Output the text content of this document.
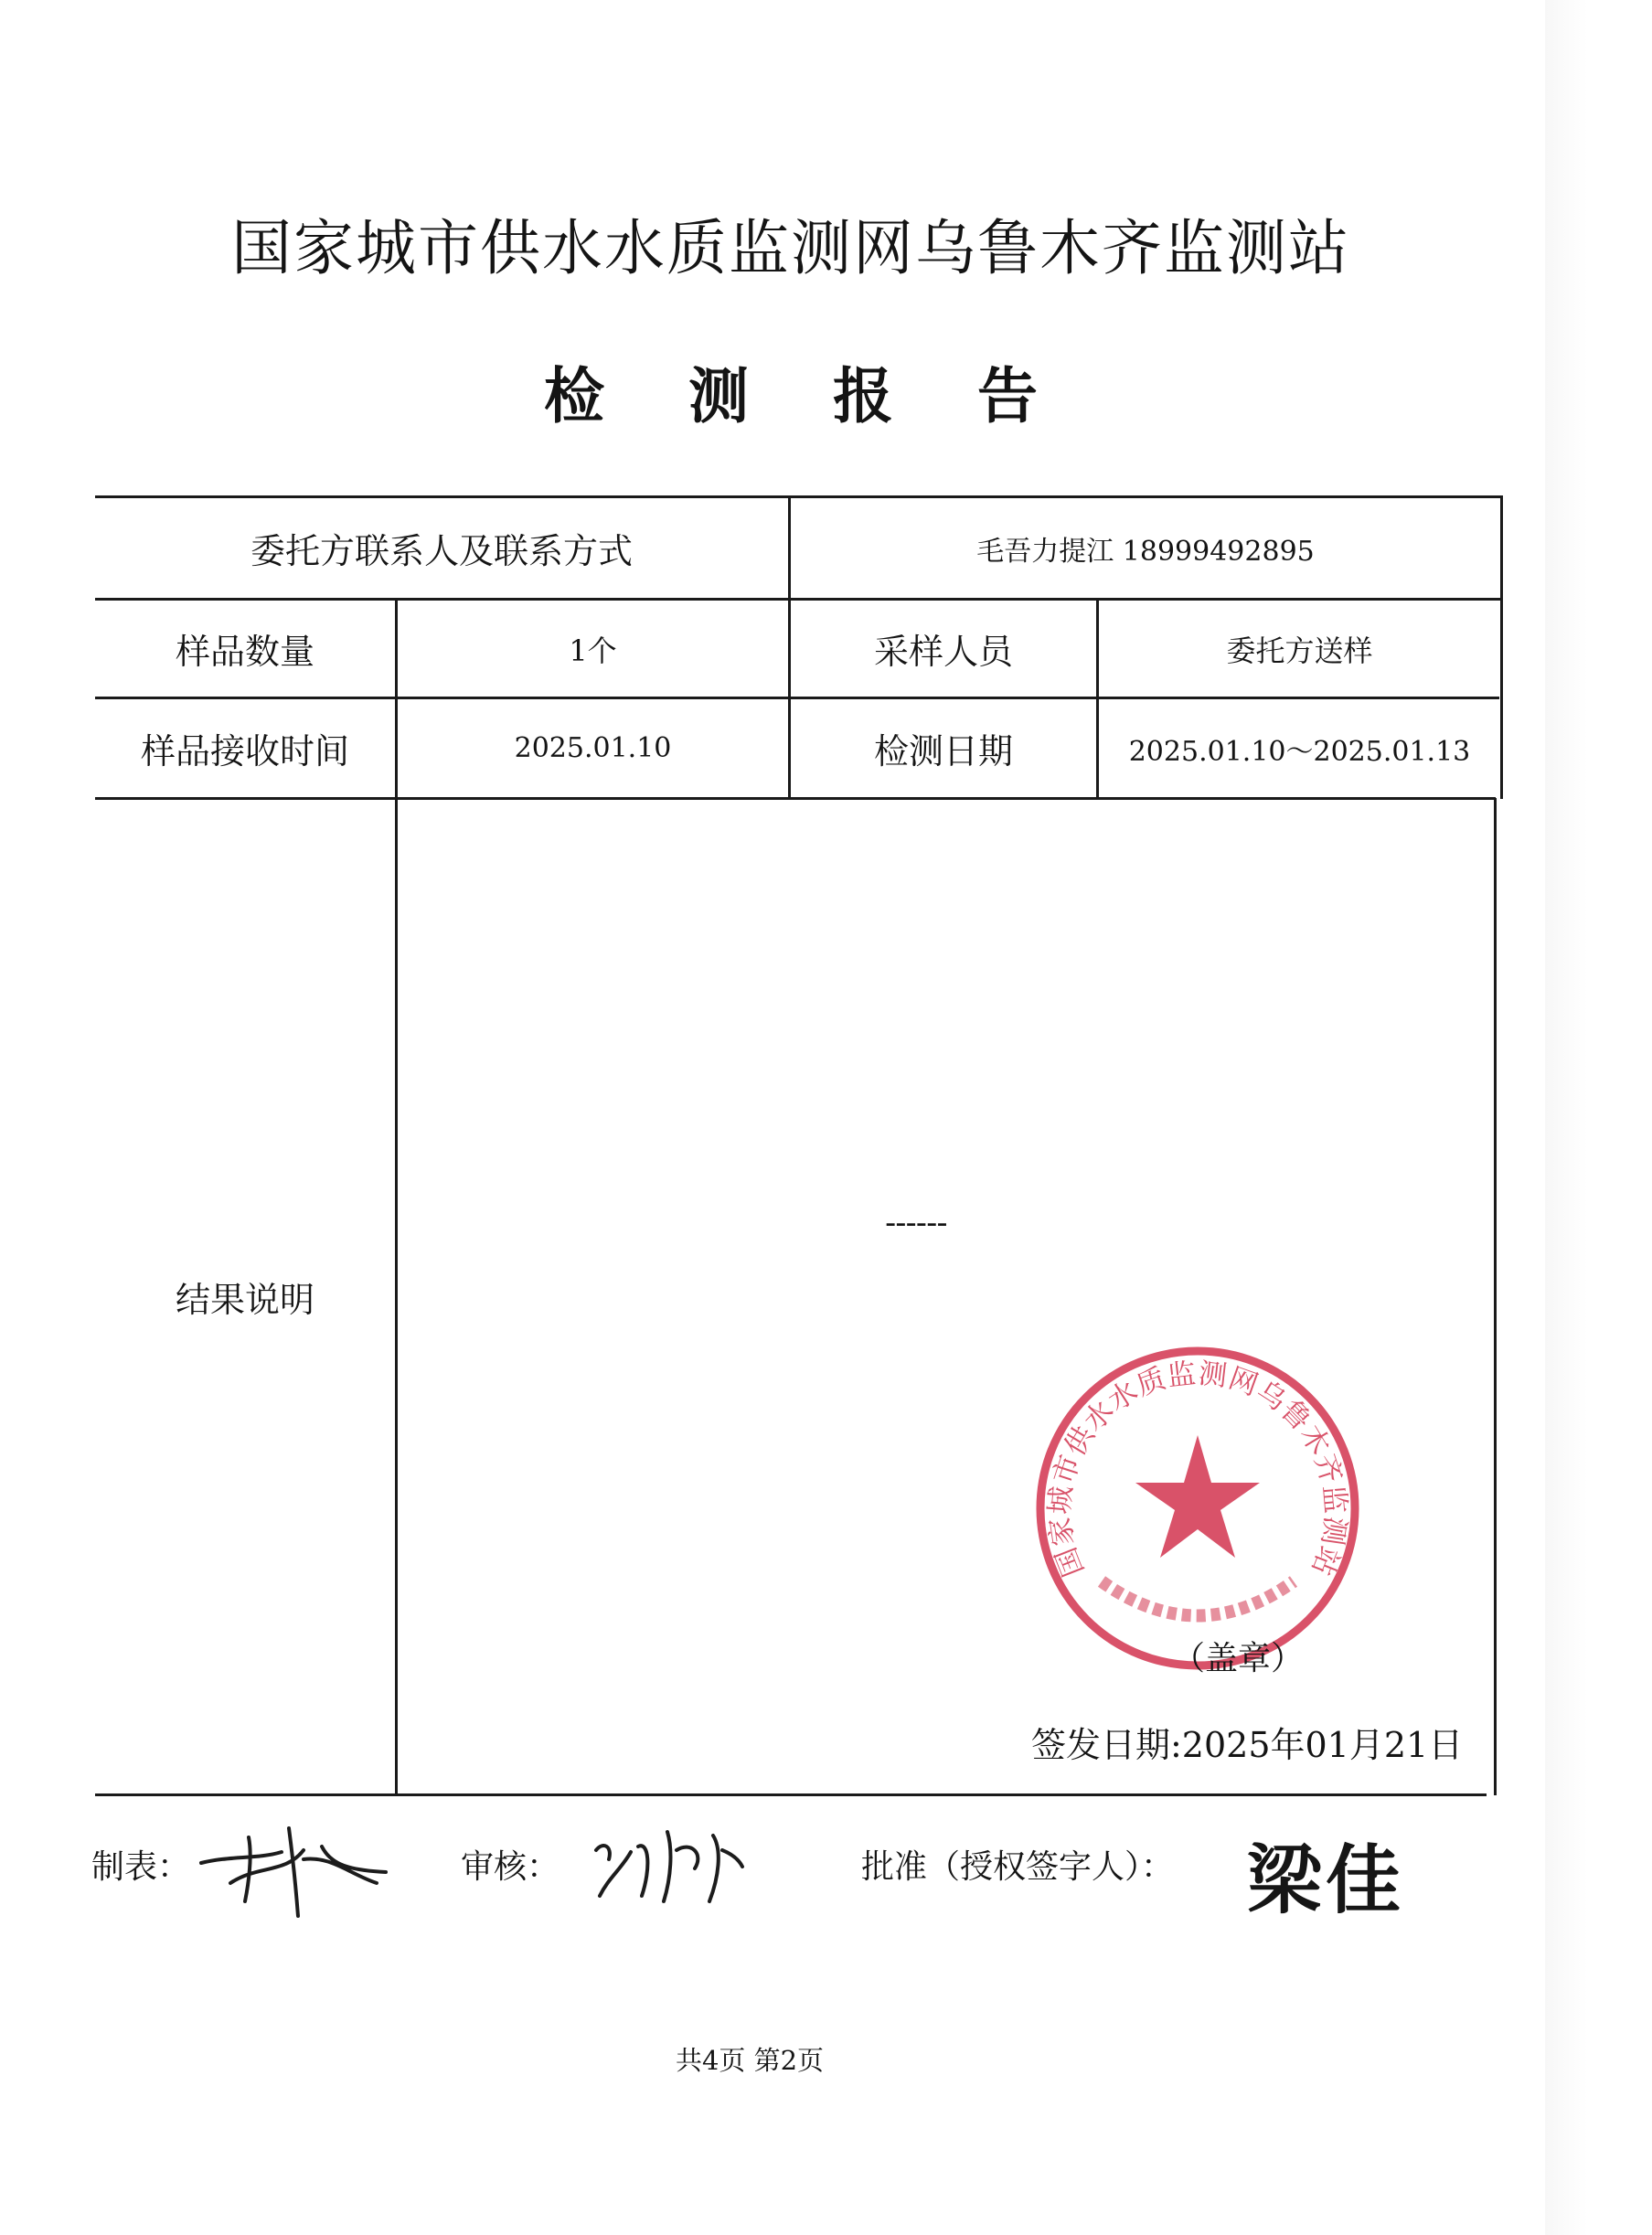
国家城市供水水质监测网乌鲁木齐监测站
检测报告
委托方联系人及联系方式	毛吾力提江 18999492895
样品数量	1个	采样人员	委托方送样
样品接收时间	2025.01.10	检测日期	2025.01.10～2025.01.13
结果说明
------
国家城市供水水质监测网乌鲁木齐监测站
（盖章）
签发日期:2025年01月21日
制表：	审核：	批准（授权签字人）： 梁佳
共4页 第2页
